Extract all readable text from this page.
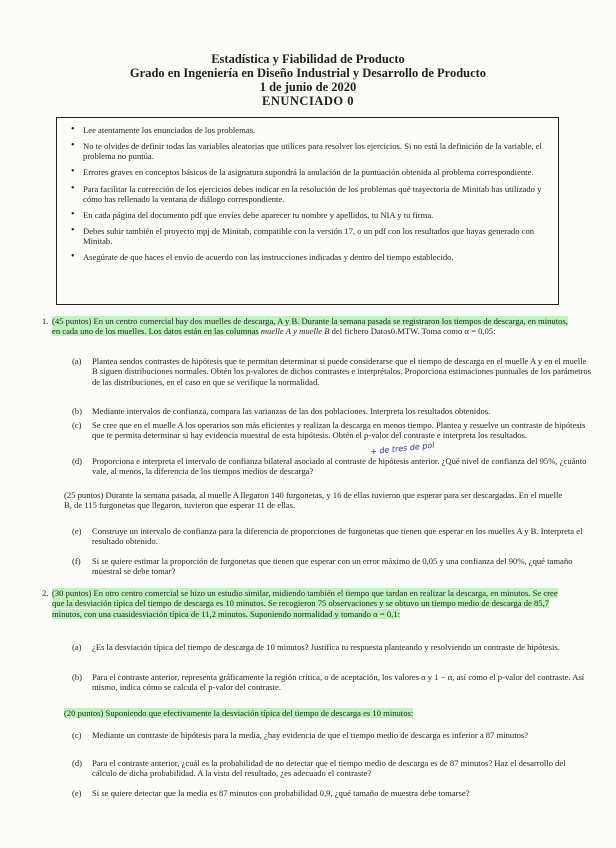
Estadística y Fiabilidad de Producto
Grado en Ingeniería en Diseño Industrial y Desarrollo de Producto
1 de junio de 2020
ENUNCIADO 0
• Lee atentamente los enunciados de los problemas.
• No te olvides de definir todas las variables aleatorias que utilices para resolver los ejercicios. Si no está la definición de la variable, el problema no puntúa.
• Errores graves en conceptos básicos de la asignatura supondrá la anulación de la puntuación obtenida al problema correspondiente.
• Para facilitar la corrección de los ejercicios debes indicar en la resolución de los problemas qué trayectoria de Minitab has utilizado y cómo has rellenado la ventana de diálogo correspondiente.
• En cada página del documento pdf que envíes debe aparecer tu nombre y apellidos, tu NIA y tu firma.
• Debes subir también el proyecto mpj de Minitab, compatible con la versión 17, o un pdf con los resultados que hayas generado con Minitab.
• Asegúrate de que haces el envío de acuerdo con las instrucciones indicadas y dentro del tiempo establecido.
1. (45 puntos) En un centro comercial hay dos muelles de descarga, A y B. Durante la semana pasada se registraron los tiempos de descarga, en minutos, en cada uno de los muelles. Los datos están en las columnas muelle A y muelle B del fichero Datos0.MTW. Toma como α = 0,05:
(a) Plantea sendos contrastes de hipótesis que te permitan determinar si puede considerarse que el tiempo de descarga en el muelle A y en el muelle B siguen distribuciones normales. Obtén los p-valores de dichos contrastes e interprétalos. Proporciona estimaciones puntuales de los parámetros de las distribuciones, en el caso en que se verifique la normalidad.
(b) Mediante intervalos de confianza, compara las varianzas de las dos poblaciones. Interpreta los resultados obtenidos.
(c) Se cree que en el muelle A los operarios son más eficientes y realizan la descarga en menos tiempo. Plantea y resuelve un contraste de hipótesis que te permita determinar si hay evidencia muestral de esta hipótesis. Obtén el p-valor del contraste e interpreta los resultados.
+ de tres de pol
(d) Proporciona e interpreta el intervalo de confianza bilateral asociado al contraste de hipótesis anterior. ¿Qué nivel de confianza del 95%, ¿cuánto vale, al menos, la diferencia de los tiempos medios de descarga?
(25 puntos) Durante la semana pasada, al muelle A llegaron 140 furgonetas, y 16 de ellas tuvieron que esperar para ser descargadas. En el muelle B, de 115 furgonetas que llegaron, tuvieron que esperar 11 de ellas.
(e) Construye un intervalo de confianza para la diferencia de proporciones de furgonetas que tienen que esperar en los muelles A y B. Interpreta el resultado obtenido.
(f) Si se quiere estimar la proporción de furgonetas que tienen que esperar con un error máximo de 0,05 y una confianza del 90%, ¿qué tamaño muestral se debe tomar?
2. (30 puntos) En otro centro comercial se hizo un estudio similar, midiendo también el tiempo que tardan en realizar la descarga, en minutos. Se cree que la desviación típica del tiempo de descarga es 10 minutos. Se recogieron 75 observaciones y se obtuvo un tiempo medio de descarga de 85,7 minutos, con una cuasidesviación típica de 11,2 minutos. Suponiendo normalidad y tomando α = 0,1:
(a) ¿Es la desviación típica del tiempo de descarga de 10 minutos? Justifica tu respuesta planteando y resolviendo un contraste de hipótesis.
(b) Para el contraste anterior, representa gráficamente la región crítica, o de aceptación, los valores α y 1 − α, así como el p-valor del contraste. Así mismo, indica cómo se calcula el p-valor del contraste.
(20 puntos) Suponiendo que efectivamente la desviación típica del tiempo de descarga es 10 minutos:
(c) Mediante un contraste de hipótesis para la media, ¿hay evidencia de que el tiempo medio de descarga es inferior a 87 minutos?
(d) Para el contraste anterior, ¿cuál es la probabilidad de no detectar que el tiempo medio de descarga es de 87 minutos? Haz el desarrollo del cálculo de dicha probabilidad. A la vista del resultado, ¿es adecuado el contraste?
(e) Si se quiere detectar que la media es 87 minutos con probabilidad 0,9, ¿qué tamaño de muestra debe tomarse?
